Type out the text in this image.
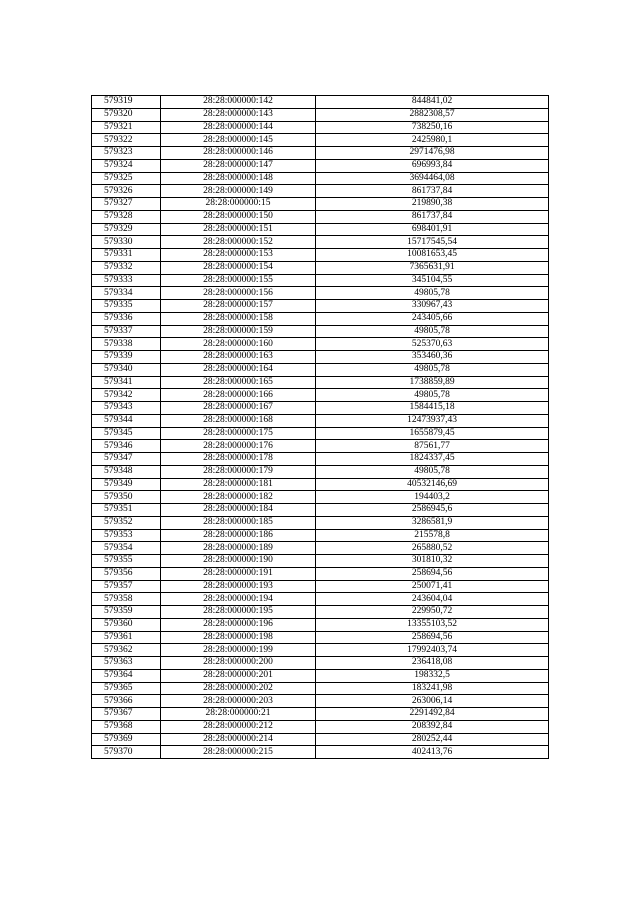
579319	28:28:000000:142	844841,02
579320	28:28:000000:143	2882308,57
579321	28:28:000000:144	738250,16
579322	28:28:000000:145	2425980,1
579323	28:28:000000:146	2971476,98
579324	28:28:000000:147	696993,84
579325	28:28:000000:148	3694464,08
579326	28:28:000000:149	861737,84
579327	28:28:000000:15	219890,38
579328	28:28:000000:150	861737,84
579329	28:28:000000:151	698401,91
579330	28:28:000000:152	15717545,54
579331	28:28:000000:153	10081653,45
579332	28:28:000000:154	7365631,91
579333	28:28:000000:155	345104,55
579334	28:28:000000:156	49805,78
579335	28:28:000000:157	330967,43
579336	28:28:000000:158	243405,66
579337	28:28:000000:159	49805,78
579338	28:28:000000:160	525370,63
579339	28:28:000000:163	353460,36
579340	28:28:000000:164	49805,78
579341	28:28:000000:165	1738859,89
579342	28:28:000000:166	49805,78
579343	28:28:000000:167	1584415,18
579344	28:28:000000:168	12473937,43
579345	28:28:000000:175	1655879,45
579346	28:28:000000:176	87561,77
579347	28:28:000000:178	1824337,45
579348	28:28:000000:179	49805,78
579349	28:28:000000:181	40532146,69
579350	28:28:000000:182	194403,2
579351	28:28:000000:184	2586945,6
579352	28:28:000000:185	3286581,9
579353	28:28:000000:186	215578,8
579354	28:28:000000:189	265880,52
579355	28:28:000000:190	301810,32
579356	28:28:000000:191	258694,56
579357	28:28:000000:193	250071,41
579358	28:28:000000:194	243604,04
579359	28:28:000000:195	229950,72
579360	28:28:000000:196	13355103,52
579361	28:28:000000:198	258694,56
579362	28:28:000000:199	17992403,74
579363	28:28:000000:200	236418,08
579364	28:28:000000:201	198332,5
579365	28:28:000000:202	183241,98
579366	28:28:000000:203	263006,14
579367	28:28:000000:21	2291492,84
579368	28:28:000000:212	208392,84
579369	28:28:000000:214	280252,44
579370	28:28:000000:215	402413,76
